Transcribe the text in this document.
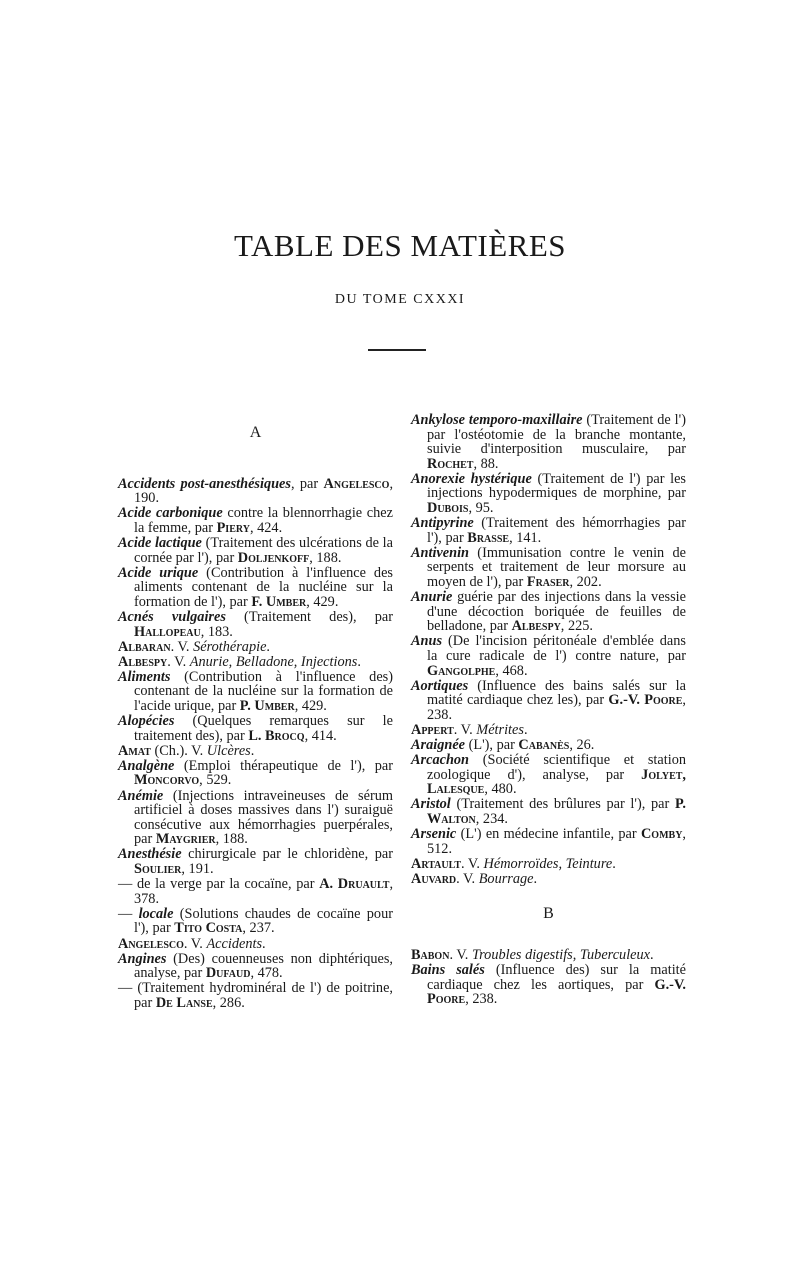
TABLE DES MATIÈRES
DU TOME CXXXI
A

Accidents post-anesthésiques, par Angelesco, 190.

Acide carbonique contre la blennorrhagie chez la femme, par Piery, 424.

Acide lactique (Traitement des ulcérations de la cornée par l'), par Doljenkoff, 188.

Acide urique (Contribution à l'influence des aliments contenant de la nucléine sur la formation de l'), par F. Umber, 429.

Acnés vulgaires (Traitement des), par Hallopeau, 183.

Albaran. V. Sérothérapie.

Albespy. V. Anurie, Belladone, Injections.

Aliments (Contribution à l'influence des) contenant de la nucléine sur la formation de l'acide urique, par P. Umber, 429.

Alopécies (Quelques remarques sur le traitement des), par L. Brocq, 414.

Amat (Ch.). V. Ulcères.

Analgène (Emploi thérapeutique de l'), par Moncorvo, 529.

Anémie (Injections intraveineuses de sérum artificiel à doses massives dans l') suraiguë consécutive aux hémorrhagies puerpérales, par Maygrier, 188.

Anesthésie chirurgicale par le chloridène, par Soulier, 191.

— de la verge par la cocaïne, par A. Druault, 378.

— locale (Solutions chaudes de cocaïne pour l'), par Tito Costa, 237.

Angelesco. V. Accidents.

Angines (Des) couenneuses non diphtériques, analyse, par Dufaud, 478.

— (Traitement hydrominéral de l') de poitrine, par De Lanse, 286.

Ankylose temporo-maxillaire (Traitement de l') par l'ostéotomie de la branche montante, suivie d'interposition musculaire, par Rochet, 88.

Anorexie hystérique (Traitement de l') par les injections hypodermiques de morphine, par Dubois, 95.

Antipyrine (Traitement des hémorrhagies par l'), par Brasse, 141.

Antivenin (Immunisation contre le venin de serpents et traitement de leur morsure au moyen de l'), par Fraser, 202.

Anurie guérie par des injections dans la vessie d'une décoction boriquée de feuilles de belladone, par Albespy, 225.

Anus (De l'incision péritonéale d'emblée dans la cure radicale de l') contre nature, par Gangolphe, 468.

Aortiques (Influence des bains salés sur la matité cardiaque chez les), par G.-V. Poore, 238.

Appert. V. Métrites.

Araignée (L'), par Cabanès, 26.

Arcachon (Société scientifique et station zoologique d'), analyse, par Jolyet, Lalesque, 480.

Aristol (Traitement des brûlures par l'), par P. Walton, 234.

Arsenic (L') en médecine infantile, par Comby, 512.

Artault. V. Hémorroïdes, Teinture.

Auvard. V. Bourrage.

B

Babon. V. Troubles digestifs, Tuberculeux.

Bains salés (Influence des) sur la matité cardiaque chez les aortiques, par G.-V. Poore, 238.
